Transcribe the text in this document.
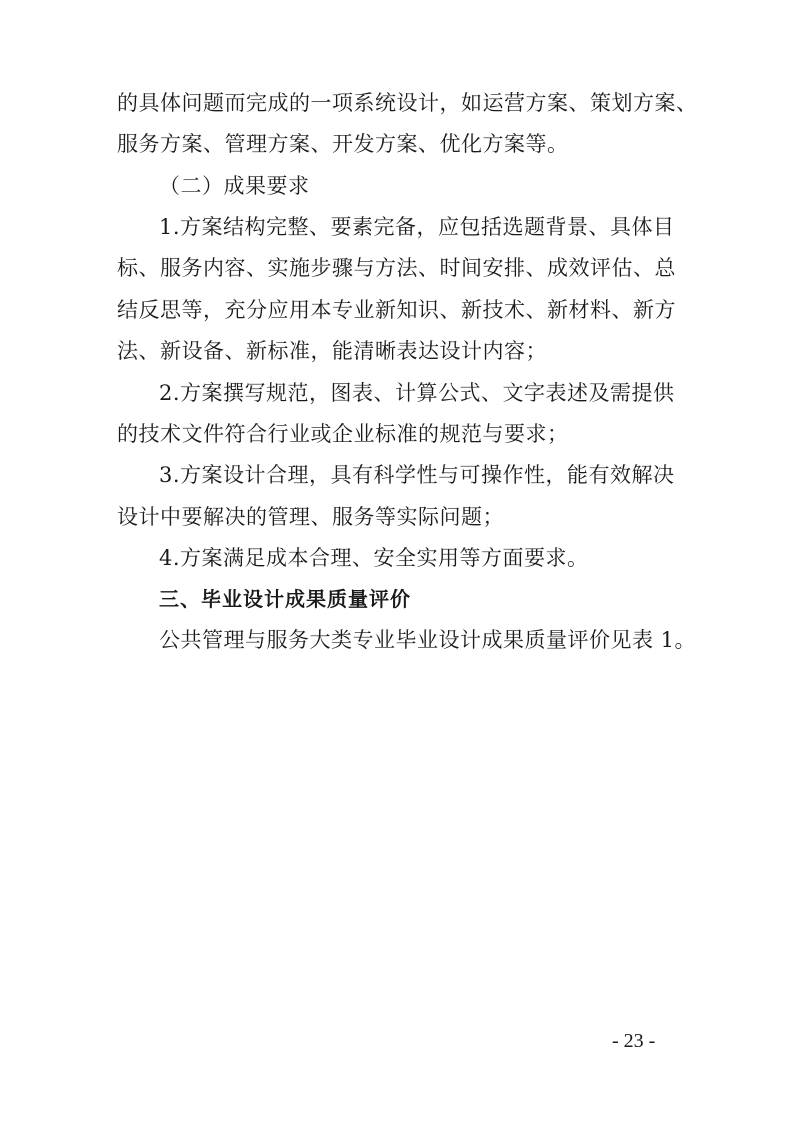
的具体问题而完成的一项系统设计，如运营方案、策划方案、
服务方案、管理方案、开发方案、优化方案等。
（二）成果要求
1.方案结构完整、要素完备，应包括选题背景、具体目
标、服务内容、实施步骤与方法、时间安排、成效评估、总
结反思等，充分应用本专业新知识、新技术、新材料、新方
法、新设备、新标准，能清晰表达设计内容；
2.方案撰写规范，图表、计算公式、文字表述及需提供
的技术文件符合行业或企业标准的规范与要求；
3.方案设计合理，具有科学性与可操作性，能有效解决
设计中要解决的管理、服务等实际问题；
4.方案满足成本合理、安全实用等方面要求。
三、毕业设计成果质量评价
公共管理与服务大类专业毕业设计成果质量评价见表 1。
- 23 -
